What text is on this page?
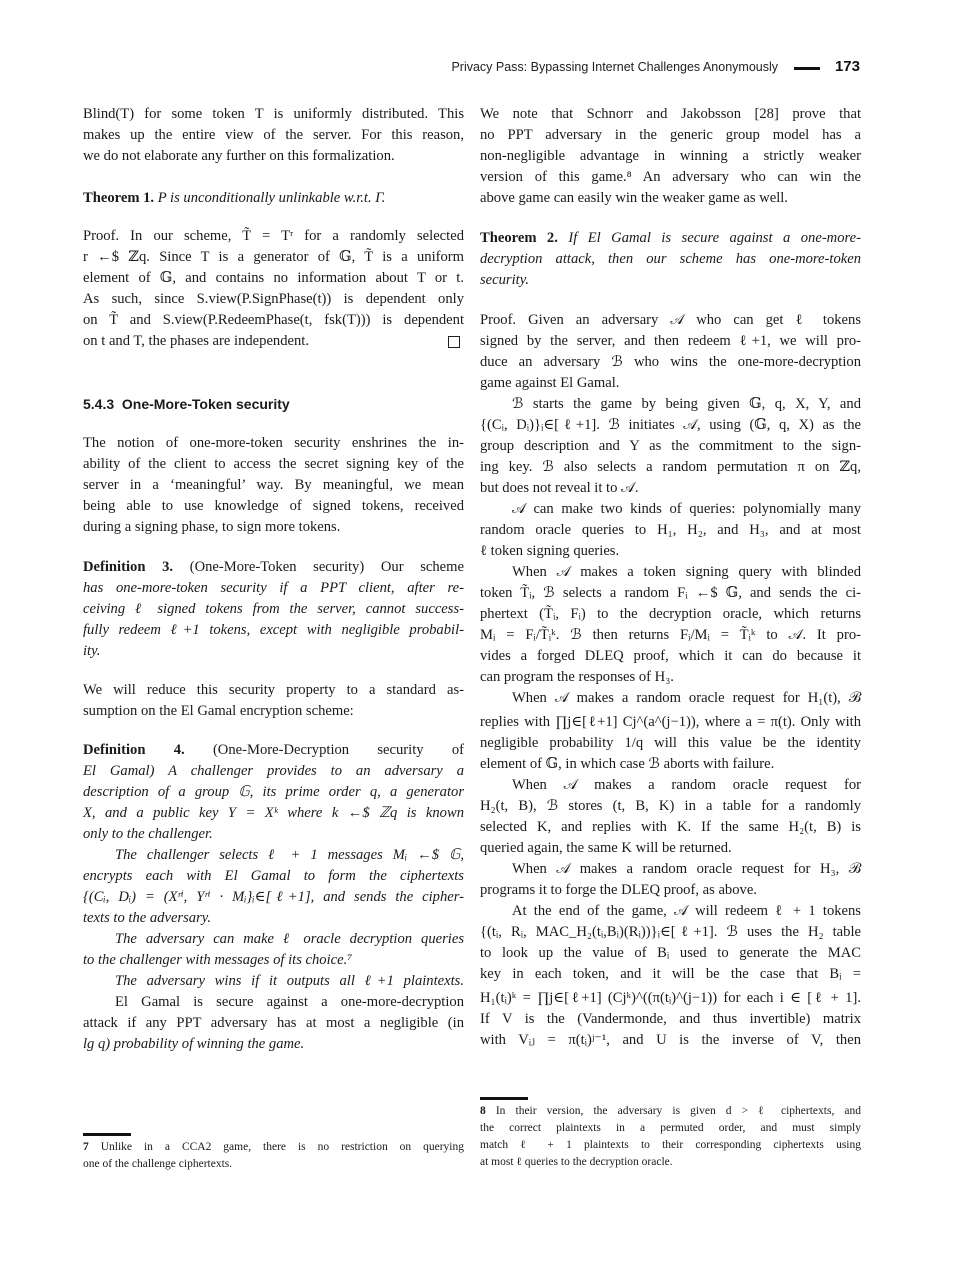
Privacy Pass: Bypassing Internet Challenges Anonymously	173
Blind(T) for some token T is uniformly distributed. This
makes up the entire view of the server. For this reason,
we do not elaborate any further on this formalization.
Theorem 1. P is unconditionally unlinkable w.r.t. Γ.
Proof. In our scheme, T̃ = Tʳ for a randomly selected
r ←$ ℤq. Since T is a generator of 𝔾, T̃ is a uniform
element of 𝔾, and contains no information about T or t.
As such, since S.view(P.SignPhase(t)) is dependent only
on T̃ and S.view(P.RedeemPhase(t, fsk(T))) is dependent
on t and T, the phases are independent.
5.4.3 One-More-Token security
The notion of one-more-token security enshrines the in-
ability of the client to access the secret signing key of the
server in a ‘meaningful’ way. By meaningful, we mean
being able to use knowledge of signed tokens, received
during a signing phase, to sign more tokens.
Definition 3. (One-More-Token security) Our scheme
has one-more-token security if a PPT client, after re-
ceiving ℓ signed tokens from the server, cannot success-
fully redeem ℓ+1 tokens, except with negligible probabil-
ity.
We will reduce this security property to a standard as-
sumption on the El Gamal encryption scheme:
Definition 4. (One-More-Decryption security of
El Gamal) A challenger provides to an adversary a
description of a group 𝔾, its prime order q, a generator
X, and a public key Y = Xᵏ where k ←$ ℤq is known
only to the challenger.
The challenger selects ℓ + 1 messages Mᵢ ←$ 𝔾,
encrypts each with El Gamal to form the ciphertexts
{(Cᵢ, Dᵢ) = (Xʳⁱ, Yʳⁱ · Mᵢ}ᵢ∈[ℓ+1], and sends the cipher-
texts to the adversary.
The adversary can make ℓ oracle decryption queries
to the challenger with messages of its choice.⁷
The adversary wins if it outputs all ℓ+1 plaintexts.
El Gamal is secure against a one-more-decryption
attack if any PPT adversary has at most a negligible (in
lg q) probability of winning the game.
7 Unlike in a CCA2 game, there is no restriction on querying
one of the challenge ciphertexts.
We note that Schnorr and Jakobsson [28] prove that
no PPT adversary in the generic group model has a
non-negligible advantage in winning a strictly weaker
version of this game.⁸ An adversary who can win the
above game can easily win the weaker game as well.
Theorem 2. If El Gamal is secure against a one-more-
decryption attack, then our scheme has one-more-token
security.
Proof. Given an adversary 𝒜 who can get ℓ tokens
signed by the server, and then redeem ℓ+1, we will pro-
duce an adversary ℬ who wins the one-more-decryption
game against El Gamal.
ℬ starts the game by being given 𝔾, q, X, Y, and
{(Cᵢ, Dᵢ)}ᵢ∈[ℓ+1]. ℬ initiates 𝒜, using (𝔾, q, X) as the
group description and Y as the commitment to the sign-
ing key. ℬ also selects a random permutation π on ℤq,
but does not reveal it to 𝒜.
𝒜 can make two kinds of queries: polynomially many
random oracle queries to H₁, H₂, and H₃, and at most
ℓ token signing queries.
When 𝒜 makes a token signing query with blinded
token T̃ᵢ, ℬ selects a random Fᵢ ←$ 𝔾, and sends the ci-
phertext (T̃ᵢ, Fᵢ) to the decryption oracle, which returns
Mᵢ = Fᵢ/T̃ᵢᵏ. ℬ then returns Fᵢ/Mᵢ = T̃ᵢᵏ to 𝒜. It pro-
vides a forged DLEQ proof, which it can do because it
can program the responses of H₃.
When 𝒜 makes a random oracle request for H₁(t), ℬ
replies with ∏j∈[ℓ+1] Cj^(a^(j−1)), where a = π(t). Only with
negligible probability 1/q will this value be the identity
element of 𝔾, in which case ℬ aborts with failure.
When 𝒜 makes a random oracle request for
H₂(t, B), ℬ stores (t, B, K) in a table for a randomly
selected K, and replies with K. If the same H₂(t, B) is
queried again, the same K will be returned.
When 𝒜 makes a random oracle request for H₃, ℬ
programs it to forge the DLEQ proof, as above.
At the end of the game, 𝒜 will redeem ℓ + 1 tokens
{(tᵢ, Rᵢ, MAC_H₂(tᵢ,Bᵢ)(Rᵢ))}ᵢ∈[ℓ+1]. ℬ uses the H₂ table
to look up the value of Bᵢ used to generate the MAC
key in each token, and it will be the case that Bᵢ =
H₁(tᵢ)ᵏ = ∏j∈[ℓ+1] (Cjᵏ)^((π(tᵢ)^(j−1)) for each i ∈ [ℓ + 1].
If V is the (Vandermonde, and thus invertible) matrix
with Vᵢⱼ = π(tᵢ)ʲ⁻¹, and U is the inverse of V, then
8 In their version, the adversary is given d > ℓ ciphertexts, and
the correct plaintexts in a permuted order, and must simply
match ℓ + 1 plaintexts to their corresponding ciphertexts using
at most ℓ queries to the decryption oracle.
